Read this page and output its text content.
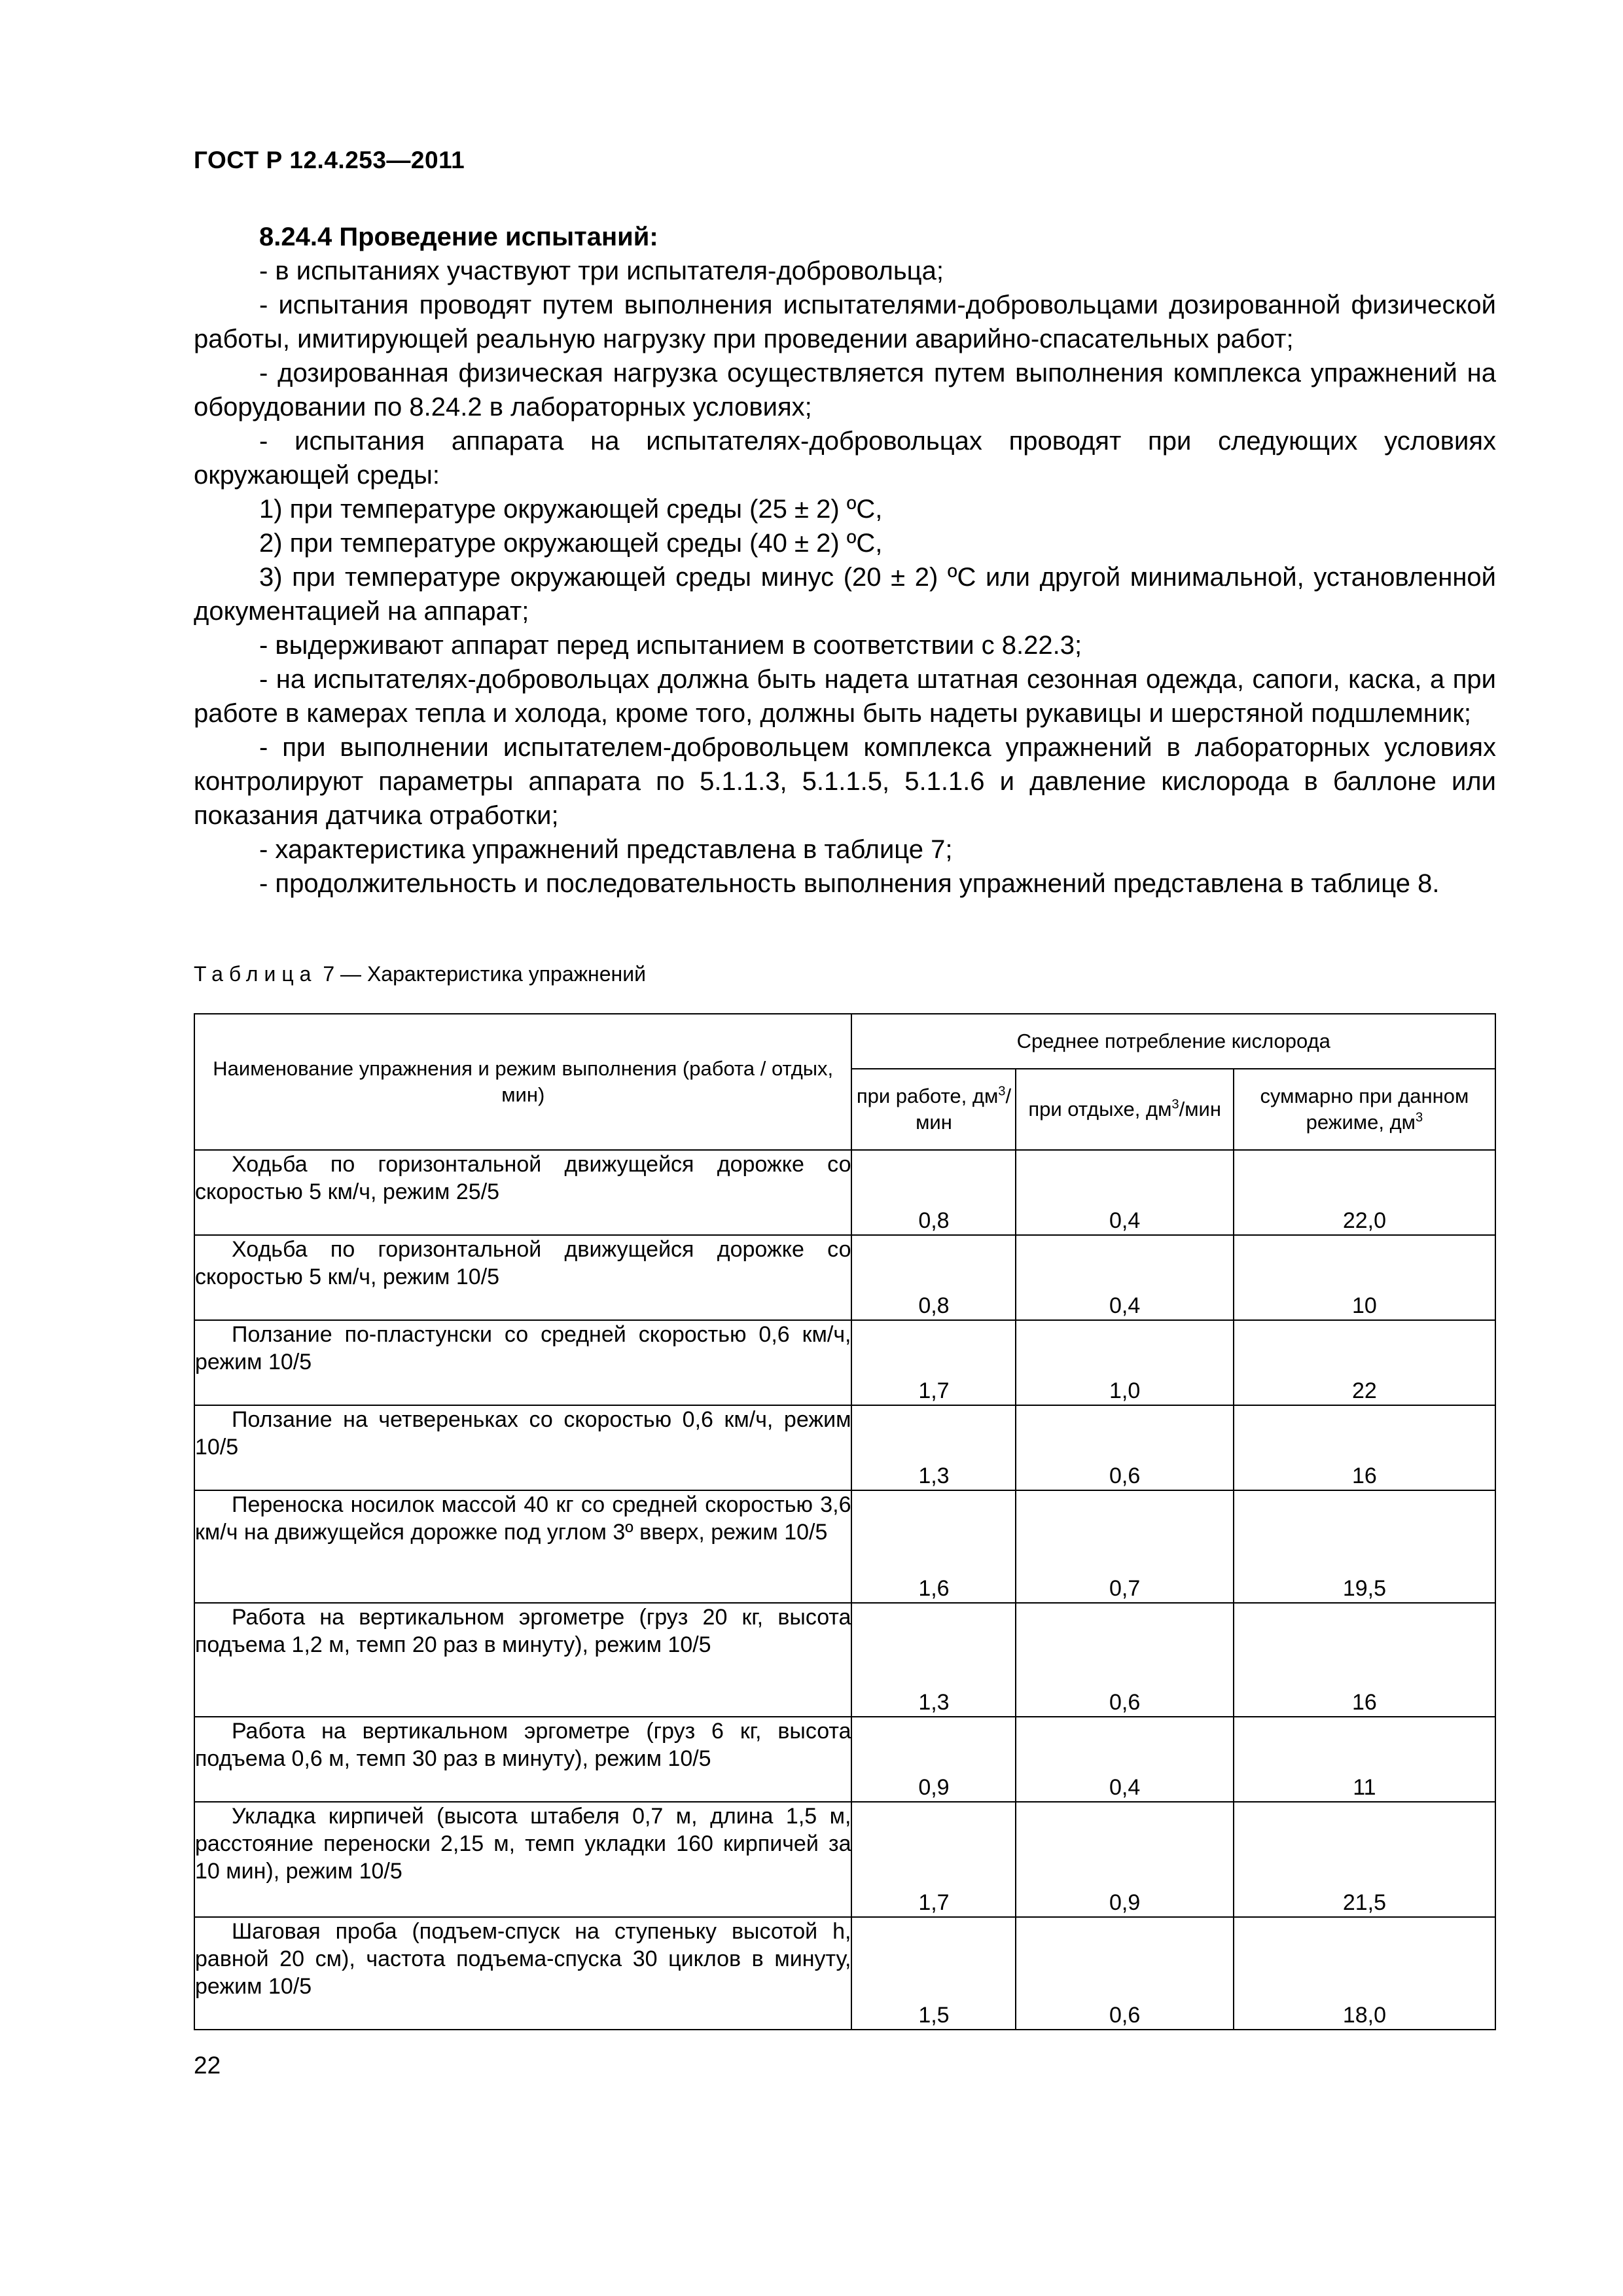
ГОСТ Р 12.4.253—2011

8.24.4 Проведение испытаний:

- в испытаниях участвуют три испытателя-добровольца;

- испытания проводят путем выполнения испытателями-добровольцами дозированной физической работы, имитирующей реальную нагрузку при проведении аварийно-спасательных работ;

- дозированная физическая нагрузка осуществляется путем выполнения комплекса упражнений на оборудовании по 8.24.2 в лабораторных условиях;

- испытания аппарата на испытателях-добровольцах проводят при следующих условиях окружающей среды:

1) при температуре окружающей среды (25 ± 2) ºС,

2) при температуре окружающей среды (40 ± 2) ºС,

3) при температуре окружающей среды минус (20 ± 2) ºС или другой минимальной, установленной документацией на аппарат;

- выдерживают аппарат перед испытанием в соответствии с 8.22.3;

- на испытателях-добровольцах должна быть надета штатная сезонная одежда, сапоги, каска, а при работе в камерах тепла и холода, кроме того, должны быть надеты рукавицы и шерстяной подшлемник;

- при выполнении испытателем-добровольцем комплекса упражнений в лабораторных условиях контролируют параметры аппарата по 5.1.1.3, 5.1.1.5, 5.1.1.6 и давление кислорода в баллоне или показания датчика отработки;

- характеристика упражнений представлена в таблице 7;

- продолжительность и последовательность выполнения упражнений представлена в таблице 8.

Таблица 7 — Характеристика упражнений
Наименование упражнения и режим выполнения (работа / отдых, мин)	Среднее потребление кислорода		
	при работе, $дм^3$/мин	при отдыхе, $дм^3$/мин	суммарно при данном режиме, $дм^3$
Ходьба по горизонтальной движущейся дорожке со скоростью 5 км/ч, режим 25/5	0,8	0,4	22,0
Ходьба по горизонтальной движущейся дорожке со скоростью 5 км/ч, режим 10/5	0,8	0,4	10
Ползание по-пластунски со средней скоростью 0,6 км/ч, режим 10/5	1,7	1,0	22
Ползание на четвереньках со скоростью 0,6 км/ч, режим 10/5	1,3	0,6	16
Переноска носилок массой 40 кг со средней скоростью 3,6 км/ч на движущейся дорожке под углом 3º вверх, режим 10/5	1,6	0,7	19,5
Работа на вертикальном эргометре (груз 20 кг, высота подъема 1,2 м, темп 20 раз в минуту), режим 10/5	1,3	0,6	16
Работа на вертикальном эргометре (груз 6 кг, высота подъема 0,6 м, темп 30 раз в минуту), режим 10/5	0,9	0,4	11
Укладка кирпичей (высота штабеля 0,7 м, длина 1,5 м, расстояние переноски 2,15 м, темп укладки 160 кирпичей за 10 мин), режим 10/5	1,7	0,9	21,5
Шаговая проба (подъем-спуск на ступеньку высотой h, равной 20 см), частота подъема-спуска 30 циклов в минуту, режим 10/5	1,5	0,6	18,0
22
